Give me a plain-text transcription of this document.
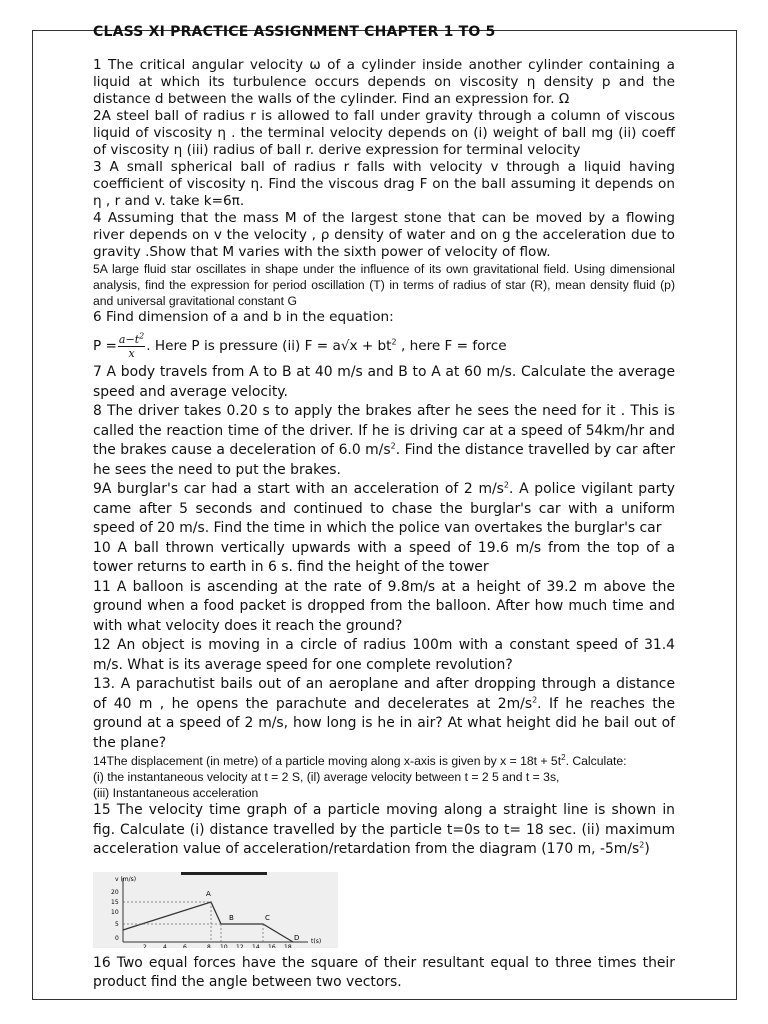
CLASS XI PRACTICE ASSIGNMENT CHAPTER 1 TO 5

1 The critical angular velocity ω of a cylinder inside another cylinder containing a liquid at which its turbulence occurs depends on viscosity η density p and the distance d between the walls of the cylinder. Find an expression for. Ω

2A steel ball of radius r is allowed to fall under gravity through a column of viscous liquid of viscosity η . the terminal velocity depends on (i) weight of ball mg (ii) coeff of viscosity η (iii) radius of ball r. derive expression for terminal velocity

3 A small spherical ball of radius r falls with velocity v through a liquid having coefficient of viscosity η. Find the viscous drag F on the ball assuming it depends on η , r and v. take k=6π.

4 Assuming that the mass M of the largest stone that can be moved by a flowing river depends on v the velocity , ρ density of water and on g the acceleration due to gravity .Show that M varies with the sixth power of velocity of flow.

5A large fluid star oscillates in shape under the influence of its own gravitational field. Using dimensional analysis, find the expression for period oscillation (T) in terms of radius of star (R), mean density fluid (p) and universal gravitational constant G

6 Find dimension of a and b in the equation:

$P = \frac{a-t^2}{x}$ . Here P is pressure (ii) $F = a√x + bt^2$ , here F = force

7 A body travels from A to B at 40 m/s and B to A at 60 m/s. Calculate the average speed and average velocity.

8 The driver takes 0.20 s to apply the brakes after he sees the need for it . This is called the reaction time of the driver. If he is driving car at a speed of 54km/hr and the brakes cause a deceleration of 6.0 $m/s^2$. Find the distance travelled by car after he sees the need to put the brakes.

9A burglar's car had a start with an acceleration of 2 $m/s^2$. A police vigilant party came after 5 seconds and continued to chase the burglar's car with a uniform speed of 20 m/s. Find the time in which the police van overtakes the burglar's car

10 A ball thrown vertically upwards with a speed of 19.6 m/s from the top of a tower returns to earth in 6 s. find the height of the tower

11 A balloon is ascending at the rate of 9.8m/s at a height of 39.2 m above the ground when a food packet is dropped from the balloon. After how much time and with what velocity does it reach the ground?

12 An object is moving in a circle of radius 100m with a constant speed of 31.4 m/s. What is its average speed for one complete revolution?

13. A parachutist bails out of an aeroplane and after dropping through a distance of 40 m , he opens the parachute and decelerates at $2m/s^2$. If he reaches the ground at a speed of 2 m/s, how long is he in air? At what height did he bail out of the plane?

14The displacement (in metre) of a particle moving along x-axis is given by $x = 18t + 5t^2$. Calculate:

(i) the instantaneous velocity at t = 2 S, (il) average velocity between t = 2 5 and t = 3s,

(iii) Instantaneous acceleration

15 The velocity time graph of a particle moving along a straight line is shown in fig. Calculate (i) distance travelled by the particle t=0s to t= 18 sec. (ii) maximum acceleration value of acceleration/retardation from the diagram (170 m, $-5m/s^2$)

v (m/s)
20
15
10
5
0
2	4	6	8 10 12 14 16 18
t(s)
A
B	C
D

16 Two equal forces have the square of their resultant equal to three times their product find the angle between two vectors.
